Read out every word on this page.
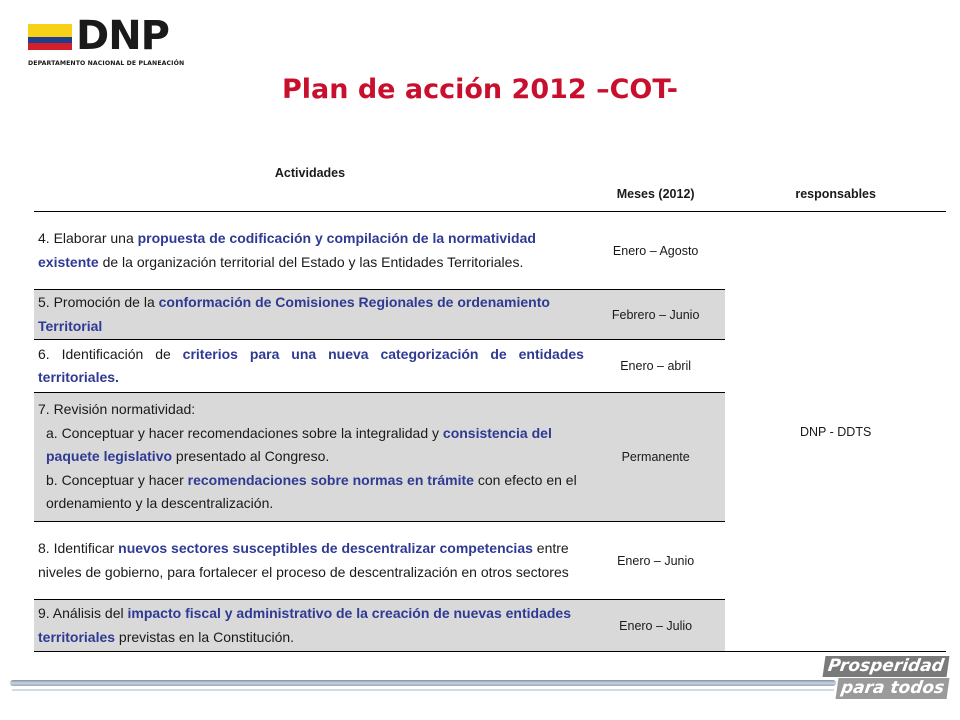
DNP
DEPARTAMENTO NACIONAL DE PLANEACIÓN
Plan de acción 2012 –COT-
Actividades	Meses (2012)	responsables

4. Elaborar una propuesta de codificación y compilación de la normatividad existente de la organización territorial del Estado y las Entidades Territoriales.	Enero – Agosto	DNP - DDTS

5. Promoción de la conformación de Comisiones Regionales de ordenamiento Territorial	Febrero – Junio	

6. Identificación de criterios para una nueva categorización de entidades territoriales.	Enero – abril	

7. Revisión normatividad:

a. Conceptuar y hacer recomendaciones sobre la integralidad y consistencia del paquete legislativo presentado al Congreso.

b. Conceptuar y hacer recomendaciones sobre normas en trámite con efecto en el ordenamiento y la descentralización.	Permanente	

8. Identificar nuevos sectores susceptibles de descentralizar competencias entre niveles de gobierno, para fortalecer el proceso de descentralización en otros sectores	Enero – Junio	

9. Análisis del impacto fiscal y administrativo de la creación de nuevas entidades territoriales previstas en la Constitución.	Enero – Julio	
Prosperidad
para todos
